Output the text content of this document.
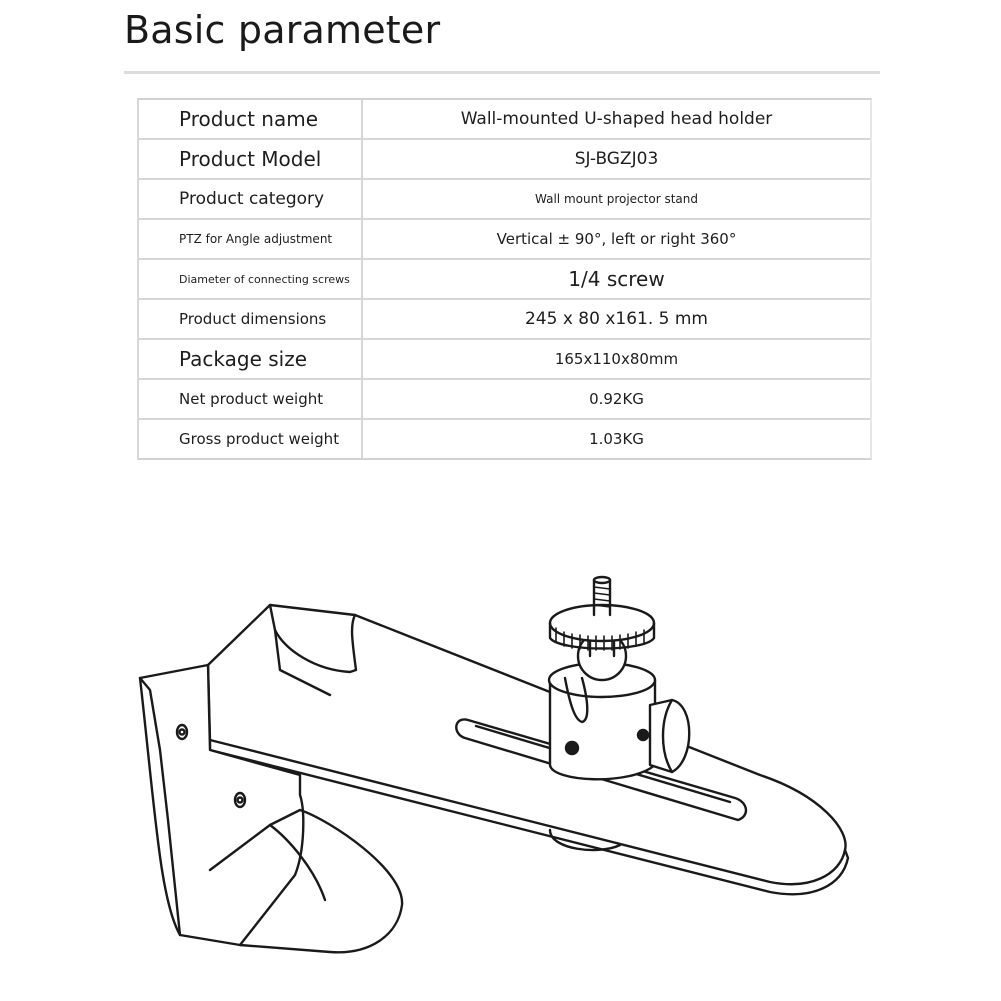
Basic parameter
Product name	Wall-mounted U-shaped head holder
Product Model	SJ-BGZJ03
Product category	Wall mount projector stand
PTZ for Angle adjustment	Vertical ± 90°, left or right 360°
Diameter of connecting screws	1/4 screw
Product dimensions	245 x 80 x161. 5 mm
Package size	165x110x80mm
Net product weight	0.92KG
Gross product weight	1.03KG
